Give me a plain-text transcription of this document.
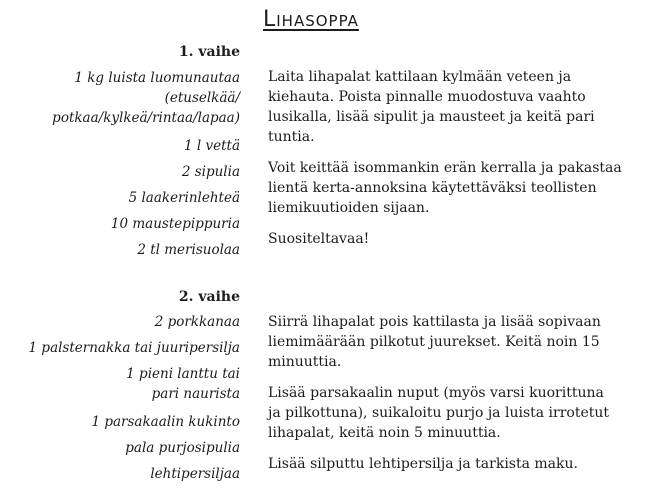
Lihasoppa
1. vaihe
1 kg luista luomunautaa (etuselkää/
potkaa/kylkeä/rintaa/lapaa)
1 l vettä
2 sipulia
5 laakerinlehteä
10 maustepippuria
2 tl merisuolaa

Laita lihapalat kattilaan kylmään veteen ja
kiehauta. Poista pinnalle muodostuva vaahto
lusikalla, lisää sipulit ja mausteet ja keitä pari
tuntia.

Voit keittää isommankin erän kerralla ja pakastaa
lientä kerta-annoksina käytettäväksi teollisten
liemikuutioiden sijaan.

Suositeltavaa!

2. vaihe
2 porkkanaa
1 palsternakka tai juuripersilja
1 pieni lanttu tai
pari naurista
1 parsakaalin kukinto
pala purjosipulia
lehtipersiljaa

Siirrä lihapalat pois kattilasta ja lisää sopivaan
liemimäärään pilkotut juurekset. Keitä noin 15
minuuttia.

Lisää parsakaalin nuput (myös varsi kuorittuna
ja pilkottuna), suikaloitu purjo ja luista irrotetut
lihapalat, keitä noin 5 minuuttia.

Lisää silputtu lehtipersilja ja tarkista maku.
